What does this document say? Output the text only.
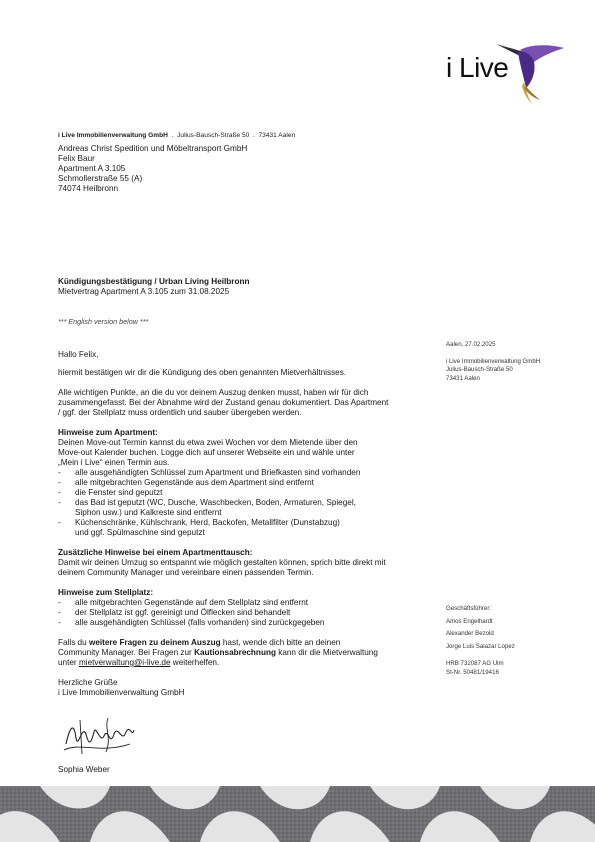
i Live
i Live Immobilienverwaltung GmbH . Julius-Bausch-Straße 50 . 73431 Aalen
Andreas Christ Spedition und Möbeltransport GmbH
Felix Baur
Apartment A 3.105
Schmollerstraße 55 (A)
74074 Heilbronn
Kündigungsbestätigung / Urban Living Heilbronn
Mietvertrag Apartment A 3.105 zum 31.08.2025
*** English version below ***
Aalen, 27.02.2025
i Live Immobilienverwaltung GmbH
Julius-Bausch-Straße 50
73431 Aalen
Geschäftsführer:
Amos Engelhardt
Alexander Bezold
Jorge Luis Salazar Lopez
HRB 732087 AG Ulm
St-Nr. 50481/19416
Hallo Felix,
hiermit bestätigen wir dir die Kündigung des oben genannten Mietverhältnisses.
Alle wichtigen Punkte, an die du vor deinem Auszug denken musst, haben wir für dich
zusammengefasst. Bei der Abnahme wird der Zustand genau dokumentiert. Das Apartment
/ ggf. der Stellplatz muss ordentlich und sauber übergeben werden.
Hinweise zum Apartment:
Deinen Move-out Termin kannst du etwa zwei Wochen vor dem Mietende über den
Move-out Kalender buchen. Logge dich auf unserer Webseite ein und wähle unter
„Mein i Live“ einen Termin aus.
-	alle ausgehändigten Schlüssel zum Apartment und Briefkasten sind vorhanden
-	alle mitgebrachten Gegenstände aus dem Apartment sind entfernt
-	die Fenster sind geputzt
-	das Bad ist geputzt (WC, Dusche, Waschbecken, Boden, Armaturen, Spiegel,
Siphon usw.) und Kalkreste sind entfernt
-	Küchenschränke, Kühlschrank, Herd, Backofen, Metallfilter (Dunstabzug)
und ggf. Spülmaschine sind geputzt
Zusätzliche Hinweise bei einem Apartmenttausch:
Damit wir deinen Umzug so entspannt wie möglich gestalten können, sprich bitte direkt mit
deinem Community Manager und vereinbare einen passenden Termin.
Hinweise zum Stellplatz:
-	alle mitgebrachten Gegenstände auf dem Stellplatz sind entfernt
-	der Stellplatz ist ggf. gereinigt und Ölflecken sind behandelt
-	alle ausgehändigten Schlüssel (falls vorhanden) sind zurückgegeben
Falls du weitere Fragen zu deinem Auszug hast, wende dich bitte an deinen
Community Manager. Bei Fragen zur Kautionsabrechnung kann dir die Mietverwaltung
unter mietverwaltung@i-live.de weiterhelfen.
Herzliche Grüße
i Live Immobilienverwaltung GmbH
Sophia Weber
